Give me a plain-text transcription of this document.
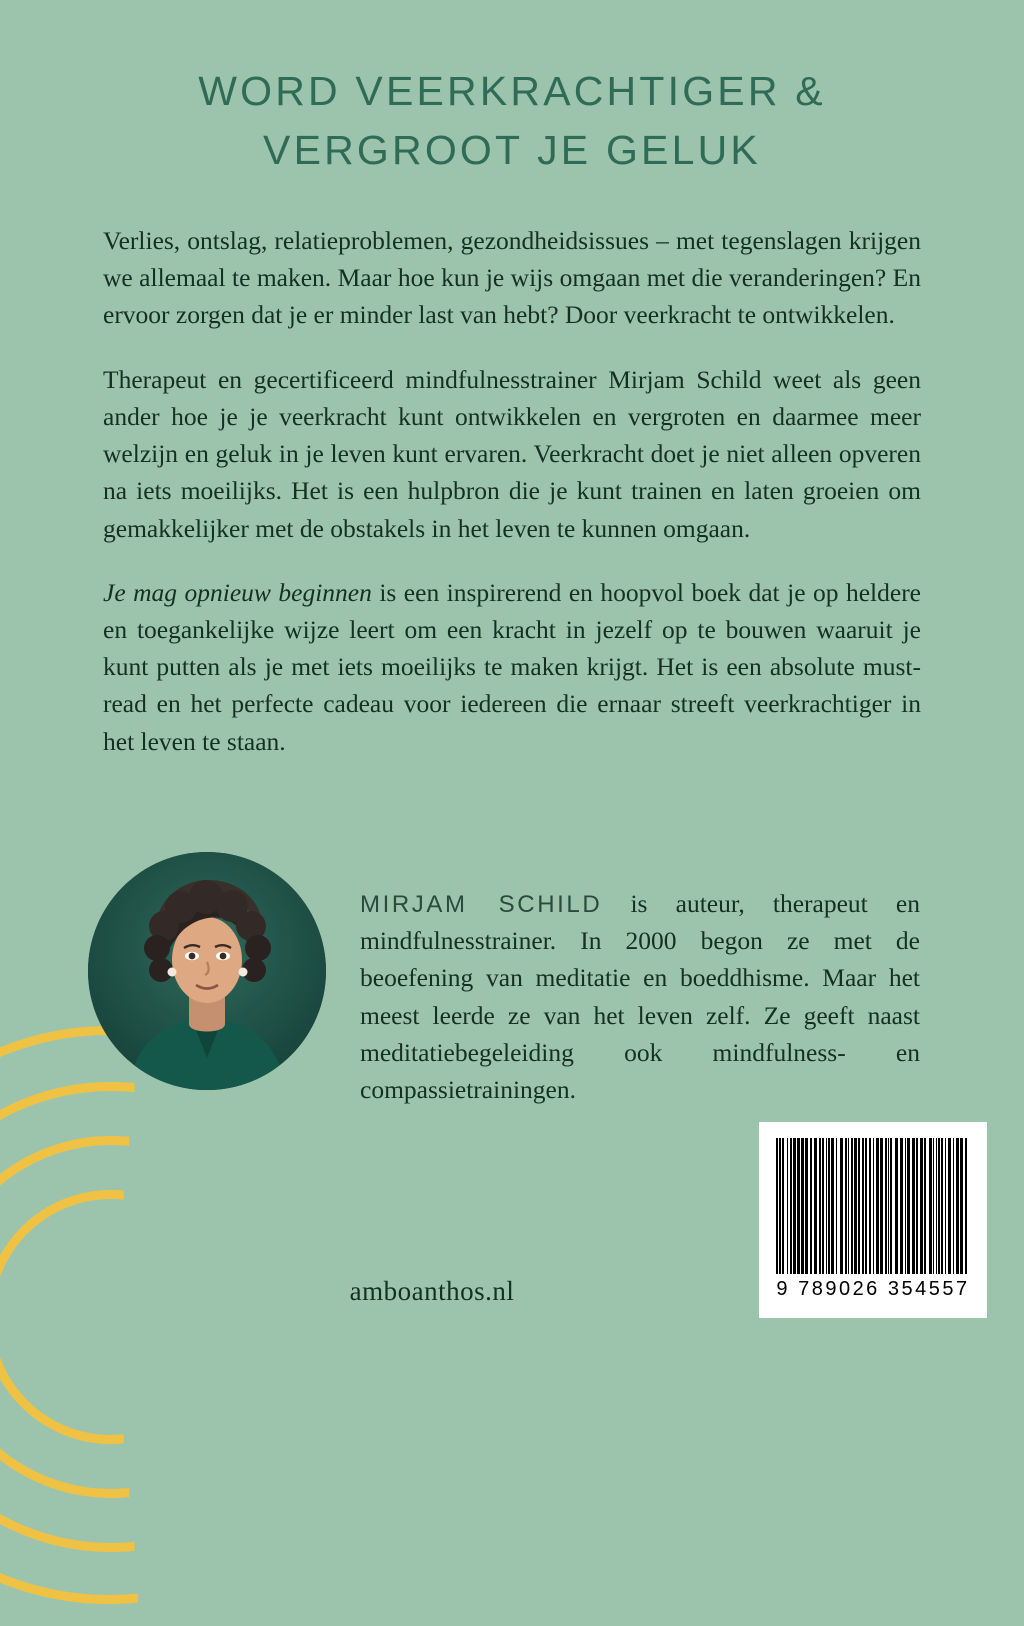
WORD VEERKRACHTIGER &
VERGROOT JE GELUK

Verlies, ontslag, relatieproblemen, gezondheidsissues – met tegenslagen krijgen we allemaal te maken. Maar hoe kun je wijs omgaan met die veranderingen? En ervoor zorgen dat je er minder last van hebt? Door veerkracht te ontwikkelen.

Therapeut en gecertificeerd mindfulnesstrainer Mirjam Schild weet als geen ander hoe je je veerkracht kunt ontwikkelen en vergroten en daarmee meer welzijn en geluk in je leven kunt ervaren. Veerkracht doet je niet alleen opveren na iets moeilijks. Het is een hulpbron die je kunt trainen en laten groeien om gemakkelijker met de obstakels in het leven te kunnen omgaan.

Je mag opnieuw beginnen is een inspirerend en hoopvol boek dat je op heldere en toegankelijke wijze leert om een kracht in jezelf op te bouwen waaruit je kunt putten als je met iets moeilijks te maken krijgt. Het is een absolute must-read en het perfecte cadeau voor iedereen die ernaar streeft veerkrachtiger in het leven te staan.

MIRJAM SCHILD is auteur, therapeut en mindfulnesstrainer. In 2000 begon ze met de beoefening van meditatie en boeddhisme. Maar het meest leerde ze van het leven zelf. Ze geeft naast meditatiebegeleiding ook mindfulness- en compassietrainingen.
amboanthos.nl	9 789026 354557
